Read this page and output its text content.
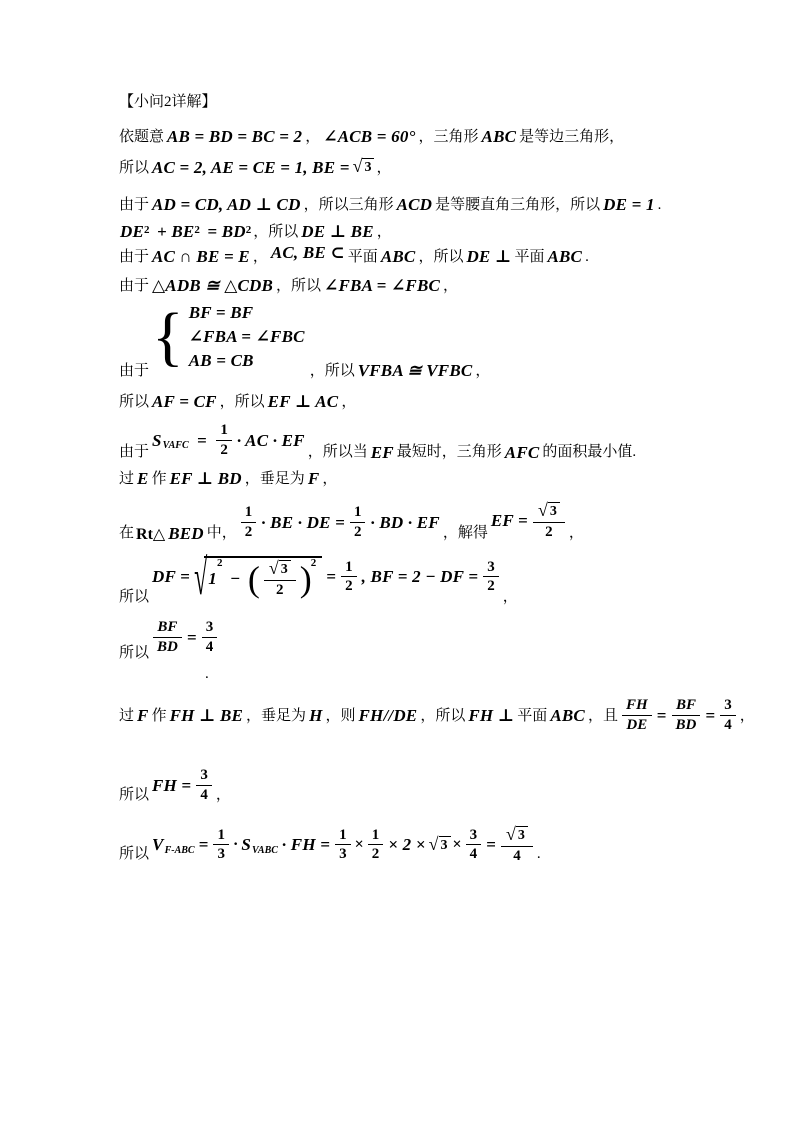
【小问2详解】
依题意 AB = BD = BC = 2 ， ∠ACB = 60° ，三角形 ABC 是等边三角形，
所以 AC = 2, AE = CE = 1, BE = √ 3 ，
由于 AD = CD, AD ⊥ CD ，所以三角形 ACD 是等腰直角三角形，所以 DE = 1 .
DE 2 + BE 2 = BD 2 ，所以 DE ⊥ BE ，
由于 AC ∩ BE = E ， AC, BE ⊂ 平面 ABC ，所以 DE ⊥ 平面 ABC .
由于 △ADB ≅ △CDB ，所以 ∠FBA = ∠FBC ，
由于 { BF = BF
∠FBA = ∠FBC
AB = CB
，所以 VFBA ≅ VFBC ，
所以 AF = CF ，所以 EF ⊥ AC ，
由于
S VAFC = $\frac{1}{2}$ · AC · EF
，所以当 EF 最短时，三角形 AFC 的面积最小值.
过 E 作 EF ⊥ BD ，垂足为 F ，
在 Rt△ BED 中， $\frac{1}{2}$ · BE · DE = $\frac{1}{2}$ · BD · EF
，解得
EF = $\frac{√ 3}{2}$ ，
所以
DF = √ 1
2
− ( $\frac{√ 3}{2}$ ) 2
= $\frac{1}{2}$ , BF = 2 − DF = $\frac{3}{2}$
，
所以 $\frac{BF}{BD} = \frac{3}{4}$
.
过 F 作 FH ⊥ BE ，垂足为 H ，则 FH//DE ，所以 FH ⊥ 平面 ABC ，且 $\frac{FH}{DE} = \frac{BF}{BD} = \frac{3}{4}$ ，
所以
FH = $\frac{3}{4}$ ，
所以 V $F-ABC = \frac{1}{3} \cdot S$ VABC · FH = $\frac{1}{3} \times \frac{1}{2} \times 2$ × √ $3 \times \frac{3}{4} = \frac{√ 3}{4}$ .
